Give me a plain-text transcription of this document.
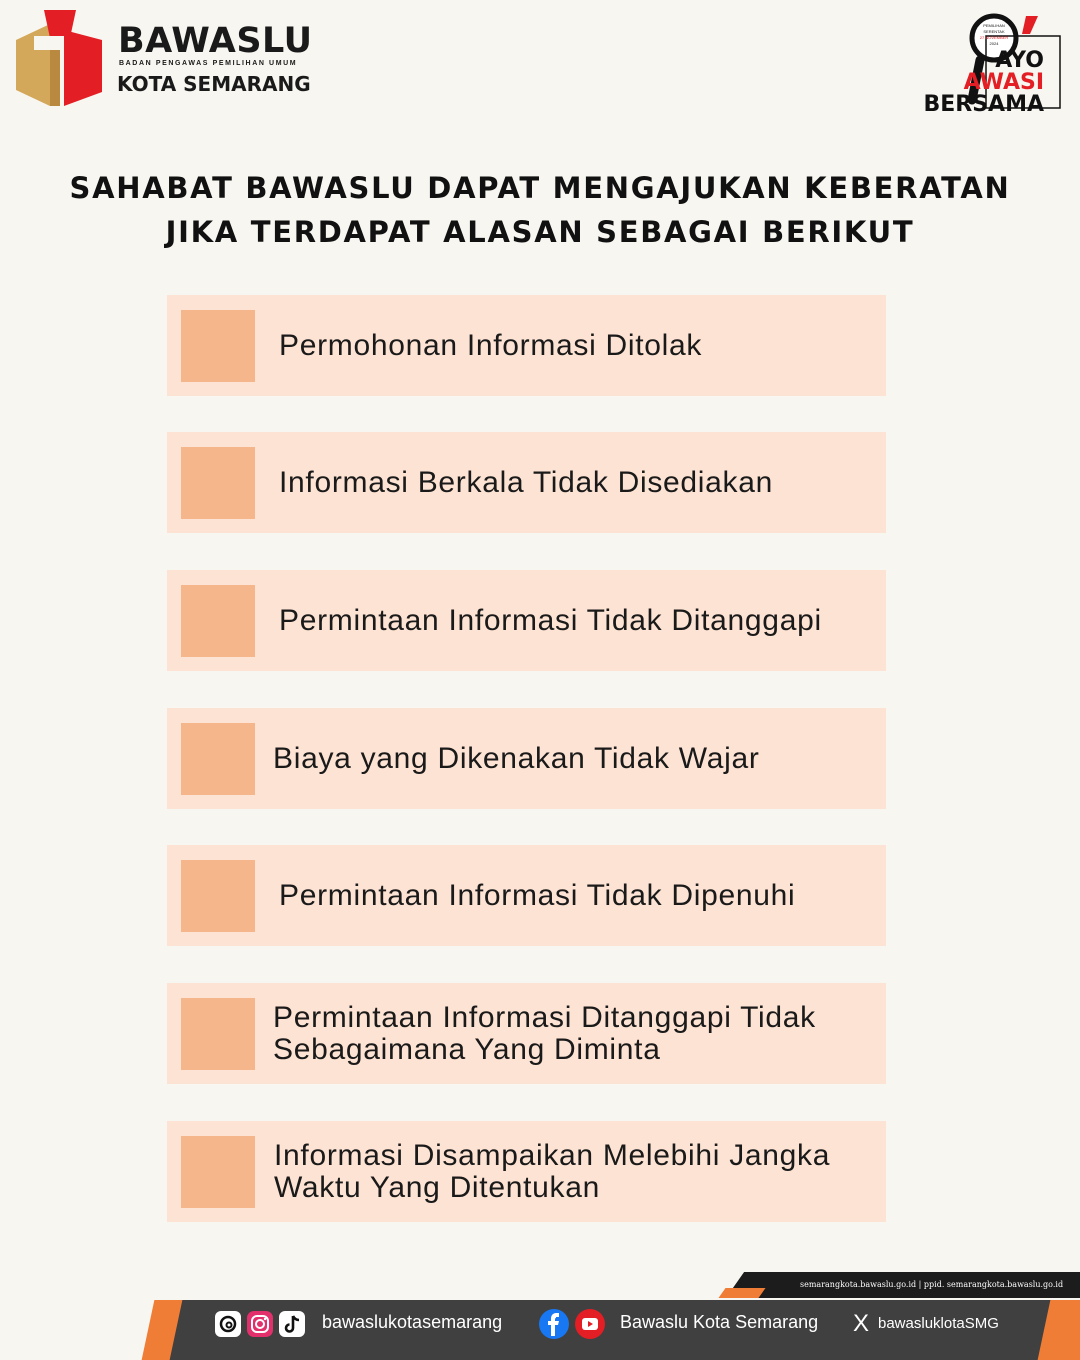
BAWASLU
BADAN PENGAWAS PEMILIHAN UMUM
KOTA SEMARANG
PEMILIHAN
SERENTAK
27 NOVEMBER
2024
AYO
AWASI
BERSAMA
SAHABAT BAWASLU DAPAT MENGAJUKAN KEBERATAN
JIKA TERDAPAT ALASAN SEBAGAI BERIKUT
Permohonan Informasi Ditolak
Informasi Berkala Tidak Disediakan
Permintaan Informasi Tidak Ditanggapi
Biaya yang Dikenakan Tidak Wajar
Permintaan Informasi Tidak Dipenuhi
Permintaan Informasi Ditanggapi Tidak
Sebagaimana Yang Diminta
Informasi Disampaikan Melebihi Jangka
Waktu Yang Ditentukan
semarangkota.bawaslu.go.id | ppid. semarangkota.bawaslu.go.id
bawaslukotasemarang	Bawaslu Kota Semarang X bawasluklotaSMG
